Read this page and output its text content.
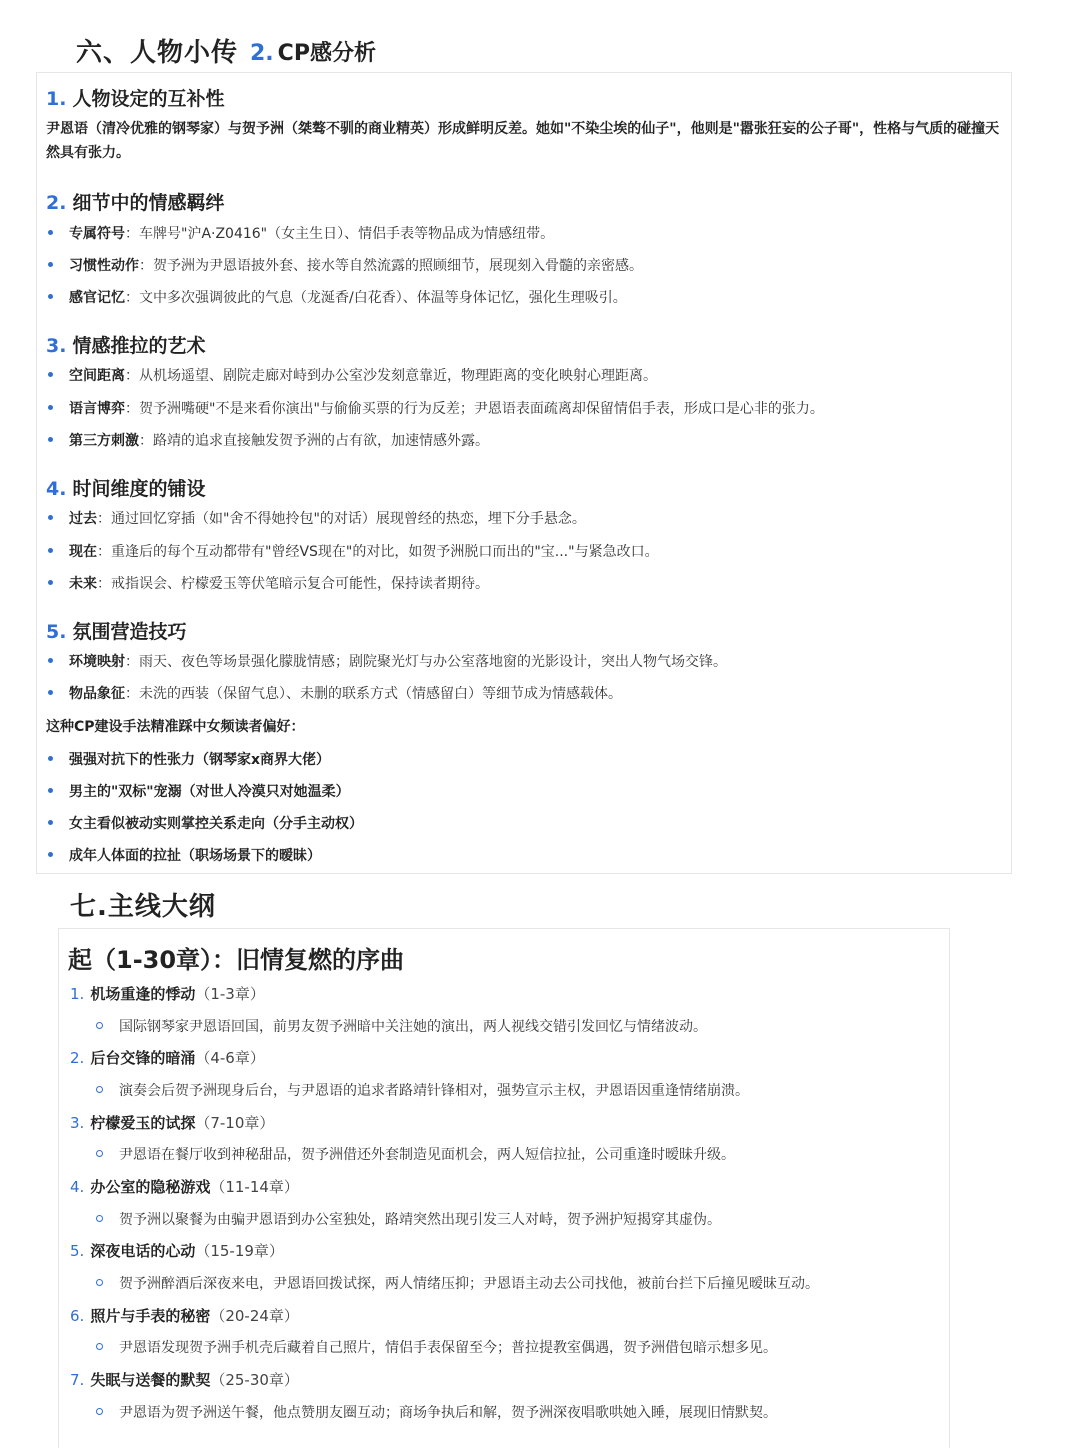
六、人物小传 2. CP感分析
1. 人物设定的互补性
尹恩语（清冷优雅的钢琴家）与贺予洲（桀骜不驯的商业精英）形成鲜明反差。她如"不染尘埃的仙子"，他则是"嚣张狂妄的公子哥"，性格与气质的碰撞天然具有张力。
2. 细节中的情感羁绊
专属符号：车牌号"沪A·Z0416"（女主生日）、情侣手表等物品成为情感纽带。
习惯性动作：贺予洲为尹恩语披外套、接水等自然流露的照顾细节，展现刻入骨髓的亲密感。
感官记忆：文中多次强调彼此的气息（龙涎香/白花香）、体温等身体记忆，强化生理吸引。
3. 情感推拉的艺术
空间距离：从机场遥望、剧院走廊对峙到办公室沙发刻意靠近，物理距离的变化映射心理距离。
语言博弈：贺予洲嘴硬"不是来看你演出"与偷偷买票的行为反差；尹恩语表面疏离却保留情侣手表，形成口是心非的张力。
第三方刺激：路靖的追求直接触发贺予洲的占有欲，加速情感外露。
4. 时间维度的铺设
过去：通过回忆穿插（如"舍不得她拎包"的对话）展现曾经的热恋，埋下分手悬念。
现在：重逢后的每个互动都带有"曾经VS现在"的对比，如贺予洲脱口而出的"宝..."与紧急改口。
未来：戒指误会、柠檬爱玉等伏笔暗示复合可能性，保持读者期待。
5. 氛围营造技巧
环境映射：雨天、夜色等场景强化朦胧情感；剧院聚光灯与办公室落地窗的光影设计，突出人物气场交锋。
物品象征：未洗的西装（保留气息）、未删的联系方式（情感留白）等细节成为情感载体。
这种CP建设手法精准踩中女频读者偏好：
强强对抗下的性张力（钢琴家x商界大佬）
男主的"双标"宠溺（对世人冷漠只对她温柔）
女主看似被动实则掌控关系走向（分手主动权）
成年人体面的拉扯（职场场景下的暧昧）
七.主线大纲
起（1-30章）：旧情复燃的序曲
1. 机场重逢的悸动（1-3章）
国际钢琴家尹恩语回国，前男友贺予洲暗中关注她的演出，两人视线交错引发回忆与情绪波动。
2. 后台交锋的暗涌（4-6章）
演奏会后贺予洲现身后台，与尹恩语的追求者路靖针锋相对，强势宣示主权，尹恩语因重逢情绪崩溃。
3. 柠檬爱玉的试探（7-10章）
尹恩语在餐厅收到神秘甜品，贺予洲借还外套制造见面机会，两人短信拉扯，公司重逢时暧昧升级。
4. 办公室的隐秘游戏（11-14章）
贺予洲以聚餐为由骗尹恩语到办公室独处，路靖突然出现引发三人对峙，贺予洲护短揭穿其虚伪。
5. 深夜电话的心动（15-19章）
贺予洲醉酒后深夜来电，尹恩语回拨试探，两人情绪压抑；尹恩语主动去公司找他，被前台拦下后撞见暧昧互动。
6. 照片与手表的秘密（20-24章）
尹恩语发现贺予洲手机壳后藏着自己照片，情侣手表保留至今；普拉提教室偶遇，贺予洲借包暗示想多见。
7. 失眠与送餐的默契（25-30章）
尹恩语为贺予洲送午餐，他点赞朋友圈互动；商场争执后和解，贺予洲深夜唱歌哄她入睡，展现旧情默契。
